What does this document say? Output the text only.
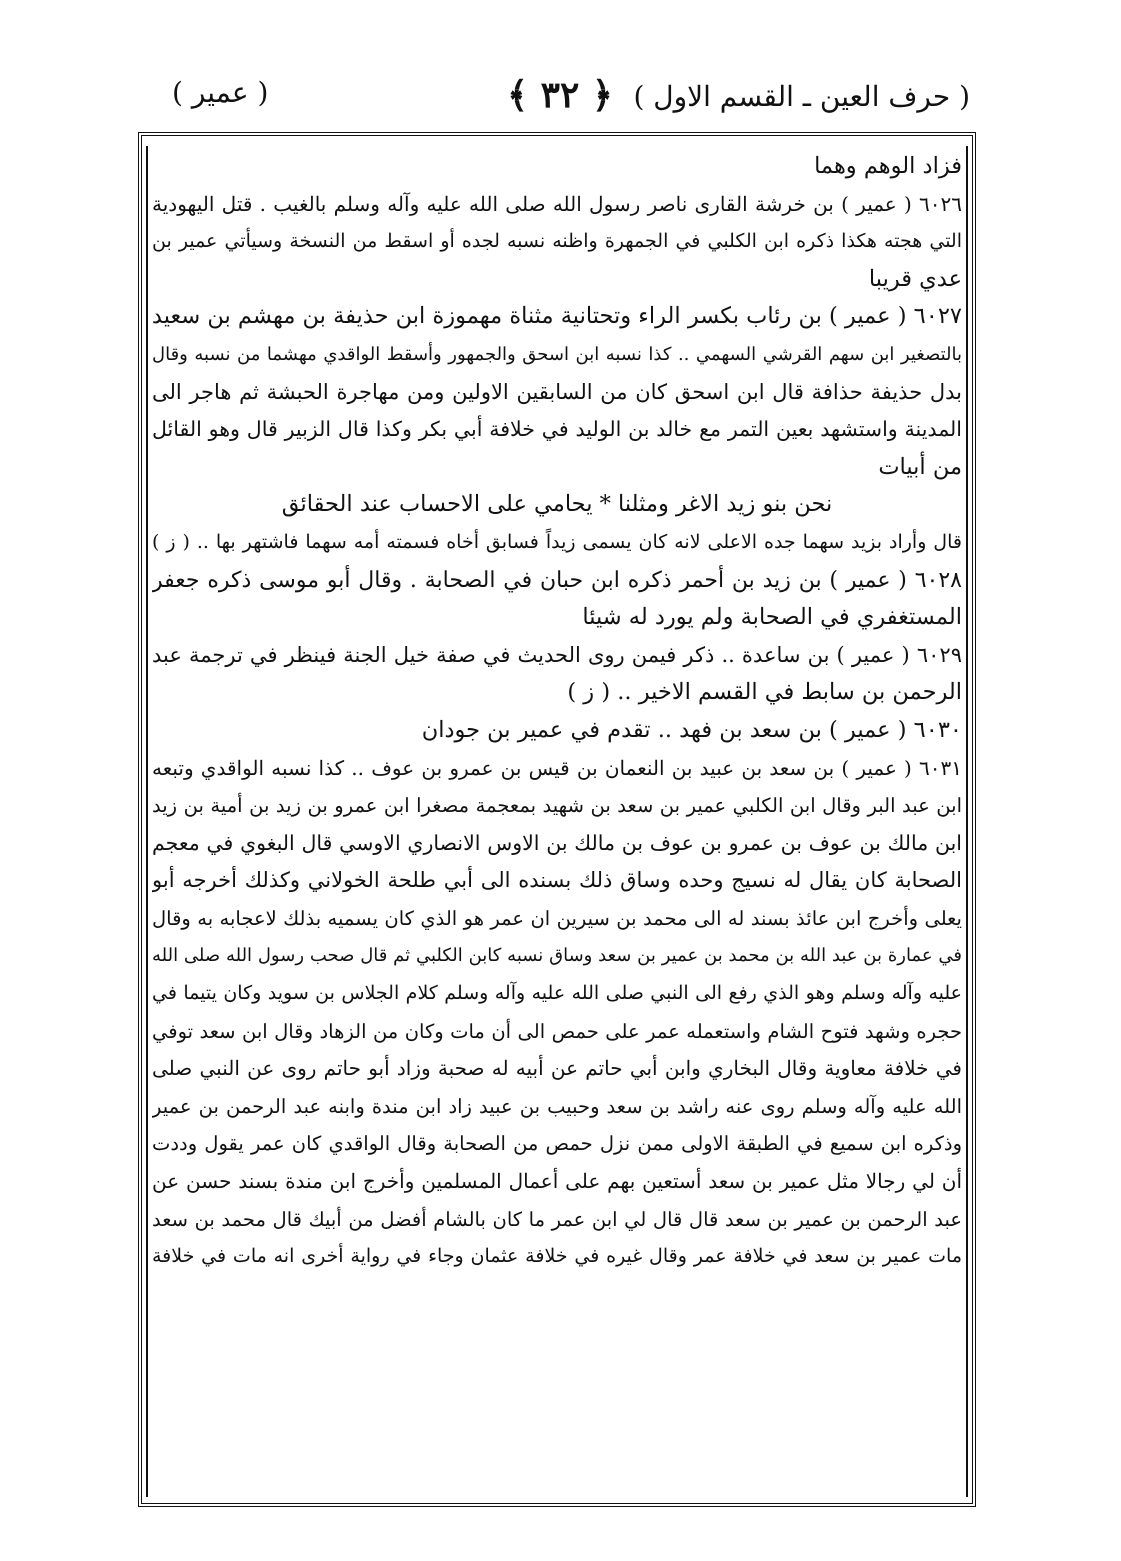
( حرف العين ـ القسم الاول )
﴿ ٣٢ ﴾
( عمير )
فزاد الوهم وهما
٦٠٢٦ ( عمير ) بن خرشة القارى ناصر رسول الله صلى الله عليه وآله وسلم بالغيب . قتل اليهودية
التي هجته هكذا ذكره ابن الكلبي في الجمهرة واظنه نسبه لجده أو اسقط من النسخة وسيأتي عمير بن
عدي قريبا
٦٠٢٧ ( عمير ) بن رئاب بكسر الراء وتحتانية مثناة مهموزة ابن حذيفة بن مهشم بن سعيد
بالتصغير ابن سهم القرشي السهمي .. كذا نسبه ابن اسحق والجمهور وأسقط الواقدي مهشما من نسبه وقال
بدل حذيفة حذافة قال ابن اسحق كان من السابقين الاولين ومن مهاجرة الحبشة ثم هاجر الى
المدينة واستشهد بعين التمر مع خالد بن الوليد في خلافة أبي بكر وكذا قال الزبير قال وهو القائل
من أبيات
نحن بنو زيد الاغر ومثلنا * يحامي على الاحساب عند الحقائق
قال وأراد بزيد سهما جده الاعلى لانه كان يسمى زيداً فسابق أخاه فسمته أمه سهما فاشتهر بها .. ( ز )
٦٠٢٨ ( عمير ) بن زيد بن أحمر ذكره ابن حبان في الصحابة . وقال أبو موسى ذكره جعفر
المستغفري في الصحابة ولم يورد له شيئا
٦٠٢٩ ( عمير ) بن ساعدة .. ذكر فيمن روى الحديث في صفة خيل الجنة فينظر في ترجمة عبد
الرحمن بن سابط في القسم الاخير .. ( ز )
٦٠٣٠ ( عمير ) بن سعد بن فهد .. تقدم في عمير بن جودان
٦٠٣١ ( عمير ) بن سعد بن عبيد بن النعمان بن قيس بن عمرو بن عوف .. كذا نسبه الواقدي وتبعه
ابن عبد البر وقال ابن الكلبي عمير بن سعد بن شهيد بمعجمة مصغرا ابن عمرو بن زيد بن أمية بن زيد
ابن مالك بن عوف بن عمرو بن عوف بن مالك بن الاوس الانصاري الاوسي قال البغوي في معجم
الصحابة كان يقال له نسيج وحده وساق ذلك بسنده الى أبي طلحة الخولاني وكذلك أخرجه أبو
يعلى وأخرج ابن عائذ بسند له الى محمد بن سيرين ان عمر هو الذي كان يسميه بذلك لاعجابه به وقال
في عمارة بن عبد الله بن محمد بن عمير بن سعد وساق نسبه كابن الكلبي ثم قال صحب رسول الله صلى الله
عليه وآله وسلم وهو الذي رفع الى النبي صلى الله عليه وآله وسلم كلام الجلاس بن سويد وكان يتيما في
حجره وشهد فتوح الشام واستعمله عمر على حمص الى أن مات وكان من الزهاد وقال ابن سعد توفي
في خلافة معاوية وقال البخاري وابن أبي حاتم عن أبيه له صحبة وزاد أبو حاتم روى عن النبي صلى
الله عليه وآله وسلم روى عنه راشد بن سعد وحبيب بن عبيد زاد ابن مندة وابنه عبد الرحمن بن عمير
وذكره ابن سميع في الطبقة الاولى ممن نزل حمص من الصحابة وقال الواقدي كان عمر يقول وددت
أن لي رجالا مثل عمير بن سعد أستعين بهم على أعمال المسلمين وأخرج ابن مندة بسند حسن عن
عبد الرحمن بن عمير بن سعد قال قال لي ابن عمر ما كان بالشام أفضل من أبيك قال محمد بن سعد
مات عمير بن سعد في خلافة عمر وقال غيره في خلافة عثمان وجاء في رواية أخرى انه مات في خلافة
